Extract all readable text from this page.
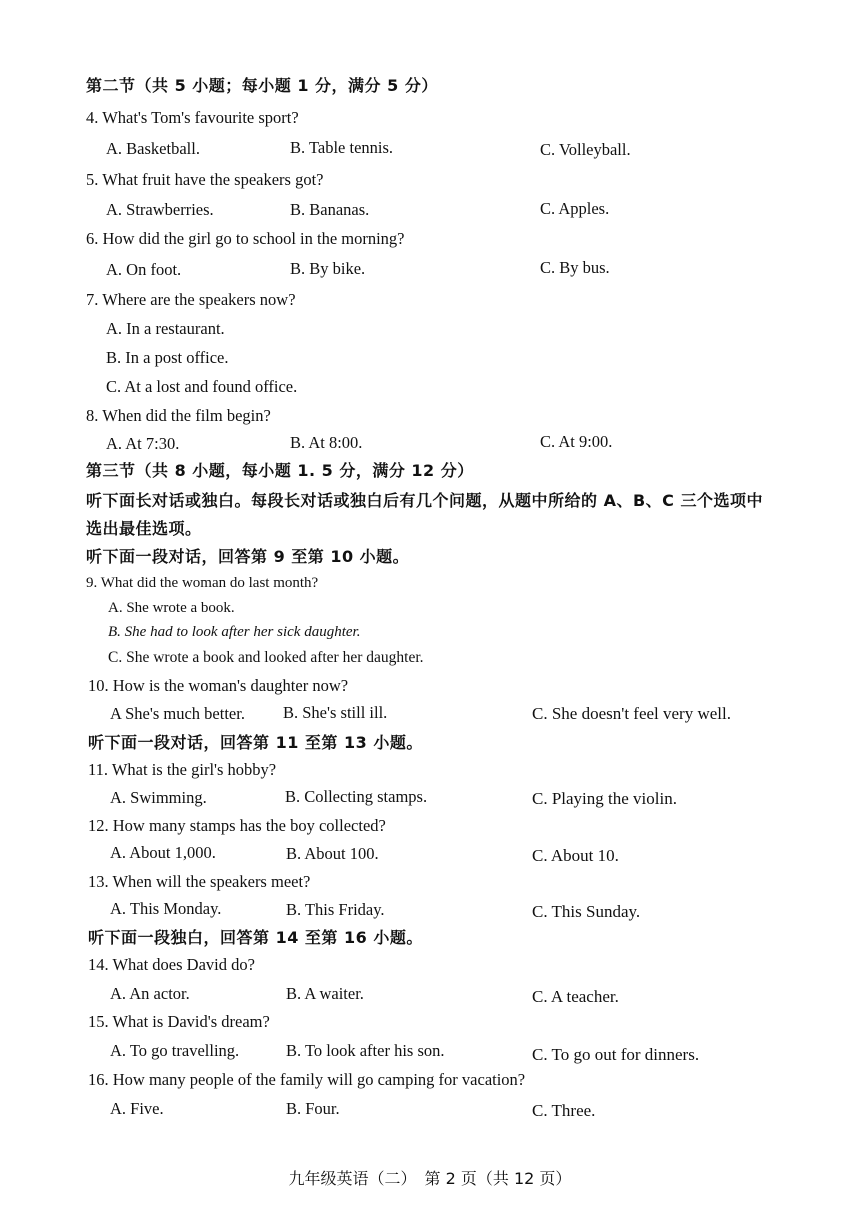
第二节（共 5 小题；每小题 1 分，满分 5 分）
4. What's Tom's favourite sport?
A. Basketball.	B. Table tennis.	C. Volleyball.
5. What fruit have the speakers got?
A. Strawberries.	B. Bananas.	C. Apples.
6. How did the girl go to school in the morning?
A. On foot.	B. By bike.	C. By bus.
7. Where are the speakers now?
A. In a restaurant.
B. In a post office.
C. At a lost and found office.
8. When did the film begin?
A. At 7:30.	B. At 8:00.	C. At 9:00.
第三节（共 8 小题，每小题 1. 5 分，满分 12 分）
听下面长对话或独白。每段长对话或独白后有几个问题，从题中所给的 A、B、C 三个选项中
选出最佳选项。
听下面一段对话，回答第 9 至第 10 小题。
9. What did the woman do last month?
A. She wrote a book.
B. She had to look after her sick daughter.
C. She wrote a book and looked after her daughter.
10. How is the woman's daughter now?
A She's much better. B. She's still ill.	C. She doesn't feel very well.
听下面一段对话，回答第 11 至第 13 小题。
11. What is the girl's hobby?
A. Swimming.	B. Collecting stamps.	C. Playing the violin.
12. How many stamps has the boy collected?
A. About 1,000.	B. About 100.	C. About 10.
13. When will the speakers meet?
A. This Monday.	B. This Friday.	C. This Sunday.
听下面一段独白，回答第 14 至第 16 小题。
14. What does David do?
A. An actor.	B. A waiter.	C. A teacher.
15. What is David's dream?
A. To go travelling.	B. To look after his son.	C. To go out for dinners.
16. How many people of the family will go camping for vacation?
A. Five.	B. Four.	C. Three.
九年级英语（二）　第 2 页（共 12 页）
